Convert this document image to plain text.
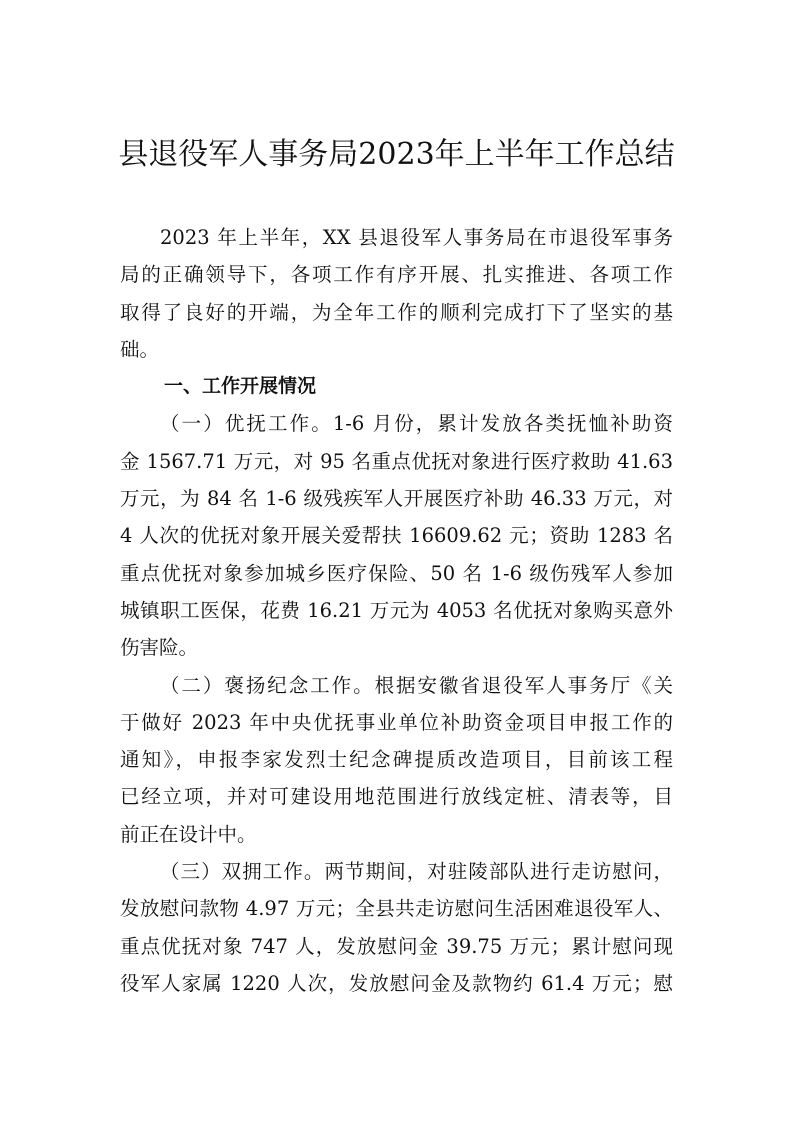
县退役军人事务局2023年上半年工作总结
2023 年上半年，XX 县退役军人事务局在市退役军事务
局的正确领导下，各项工作有序开展、扎实推进、各项工作
取得了良好的开端，为全年工作的顺利完成打下了坚实的基
础。
一、工作开展情况
（一）优抚工作。1-6 月份，累计发放各类抚恤补助资
金 1567.71 万元，对 95 名重点优抚对象进行医疗救助 41.63
万元，为 84 名 1-6 级残疾军人开展医疗补助 46.33 万元，对
4 人次的优抚对象开展关爱帮扶 16609.62 元；资助 1283 名
重点优抚对象参加城乡医疗保险、50 名 1-6 级伤残军人参加
城镇职工医保，花费 16.21 万元为 4053 名优抚对象购买意外
伤害险。
（二）褒扬纪念工作。根据安徽省退役军人事务厅《关
于做好 2023 年中央优抚事业单位补助资金项目申报工作的
通知》，申报李家发烈士纪念碑提质改造项目，目前该工程
已经立项，并对可建设用地范围进行放线定桩、清表等，目
前正在设计中。
（三）双拥工作。两节期间，对驻陵部队进行走访慰问，
发放慰问款物 4.97 万元；全县共走访慰问生活困难退役军人、
重点优抚对象 747 人，发放慰问金 39.75 万元；累计慰问现
役军人家属 1220 人次，发放慰问金及款物约 61.4 万元；慰
